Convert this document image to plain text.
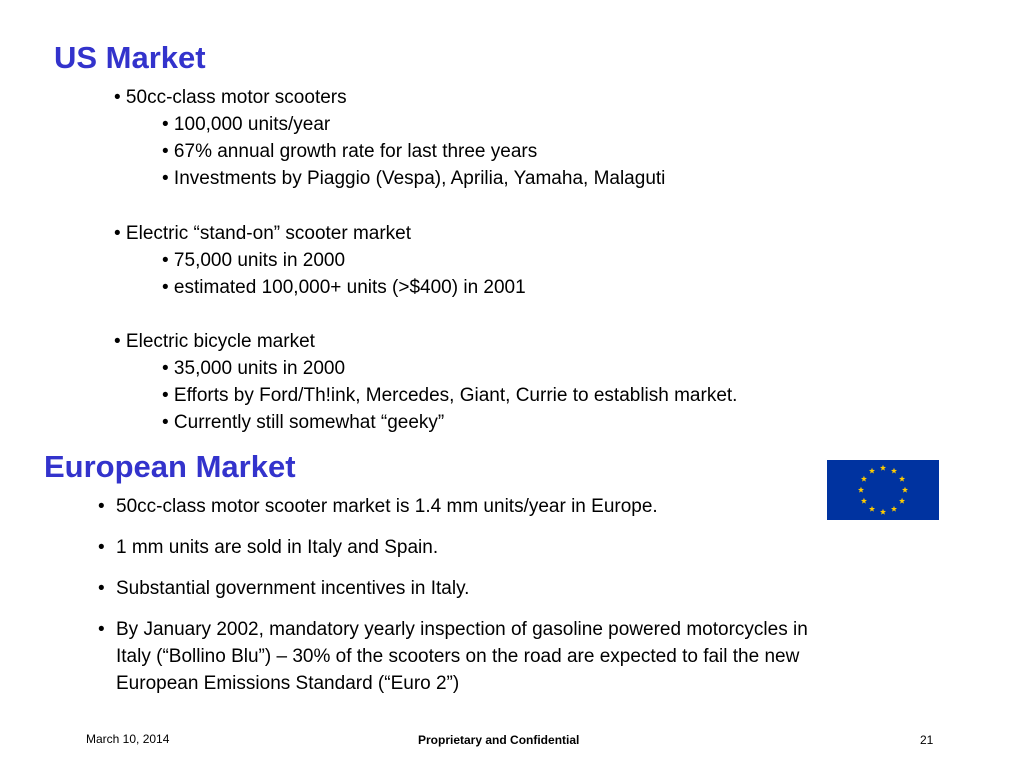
US Market
• 50cc-class motor scooters
• 100,000 units/year
• 67% annual growth rate for last three years
• Investments by Piaggio (Vespa), Aprilia, Yamaha, Malaguti
• Electric “stand-on” scooter market
• 75,000 units in 2000
• estimated 100,000+ units (>$400) in 2001
• Electric bicycle market
• 35,000 units in 2000
• Efforts by Ford/Th!ink, Mercedes, Giant, Currie to establish market.
• Currently still somewhat “geeky”
European Market
• 50cc-class motor scooter market is 1.4 mm units/year in Europe.
• 1 mm units are sold in Italy and Spain.
• Substantial government incentives in Italy.
• By January 2002, mandatory yearly inspection of gasoline powered motorcycles in
Italy (“Bollino Blu”) – 30% of the scooters on the road are expected to fail the new
European Emissions Standard (“Euro 2”)
March 10, 2014	Proprietary and Confidential	21
